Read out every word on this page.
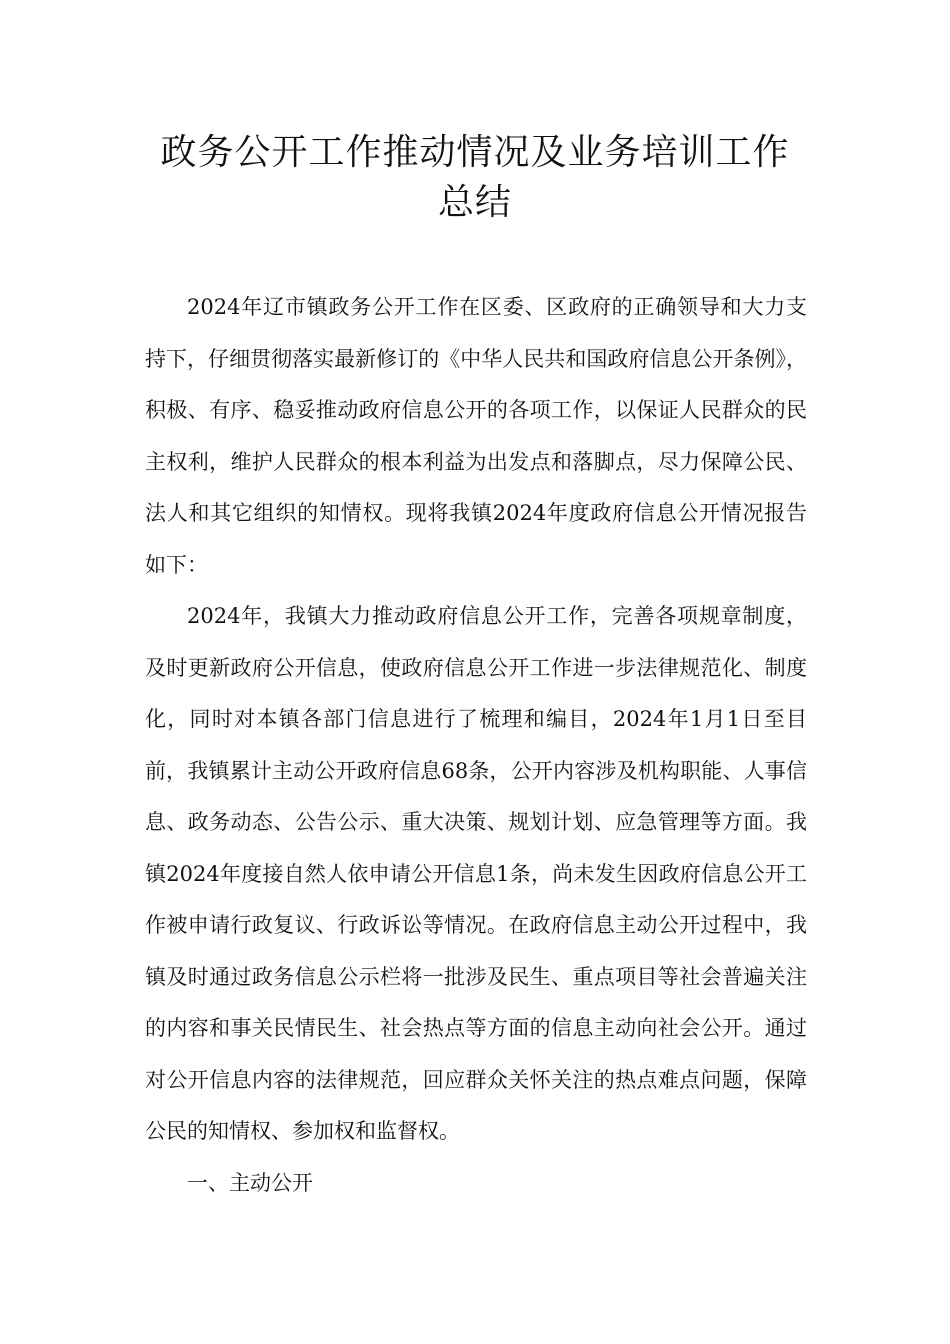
政务公开工作推动情况及业务培训工作
总结

2024年辽市镇政务公开工作在区委、区政府的正确领导和大力支持下，仔细贯彻落实最新修订的《中华人民共和国政府信息公开条例》，积极、有序、稳妥推动政府信息公开的各项工作，以保证人民群众的民主权利，维护人民群众的根本利益为出发点和落脚点，尽力保障公民、法人和其它组织的知情权。现将我镇2024年度政府信息公开情况报告如下：

2024年，我镇大力推动政府信息公开工作，完善各项规章制度，及时更新政府公开信息，使政府信息公开工作进一步法律规范化、制度化，同时对本镇各部门信息进行了梳理和编目，2024年1月1日至目前，我镇累计主动公开政府信息68条，公开内容涉及机构职能、人事信息、政务动态、公告公示、重大决策、规划计划、应急管理等方面。我镇2024年度接自然人依申请公开信息1条，尚未发生因政府信息公开工作被申请行政复议、行政诉讼等情况。在政府信息主动公开过程中，我镇及时通过政务信息公示栏将一批涉及民生、重点项目等社会普遍关注的内容和事关民情民生、社会热点等方面的信息主动向社会公开。通过对公开信息内容的法律规范，回应群众关怀关注的热点难点问题，保障公民的知情权、参加权和监督权。

一、主动公开
